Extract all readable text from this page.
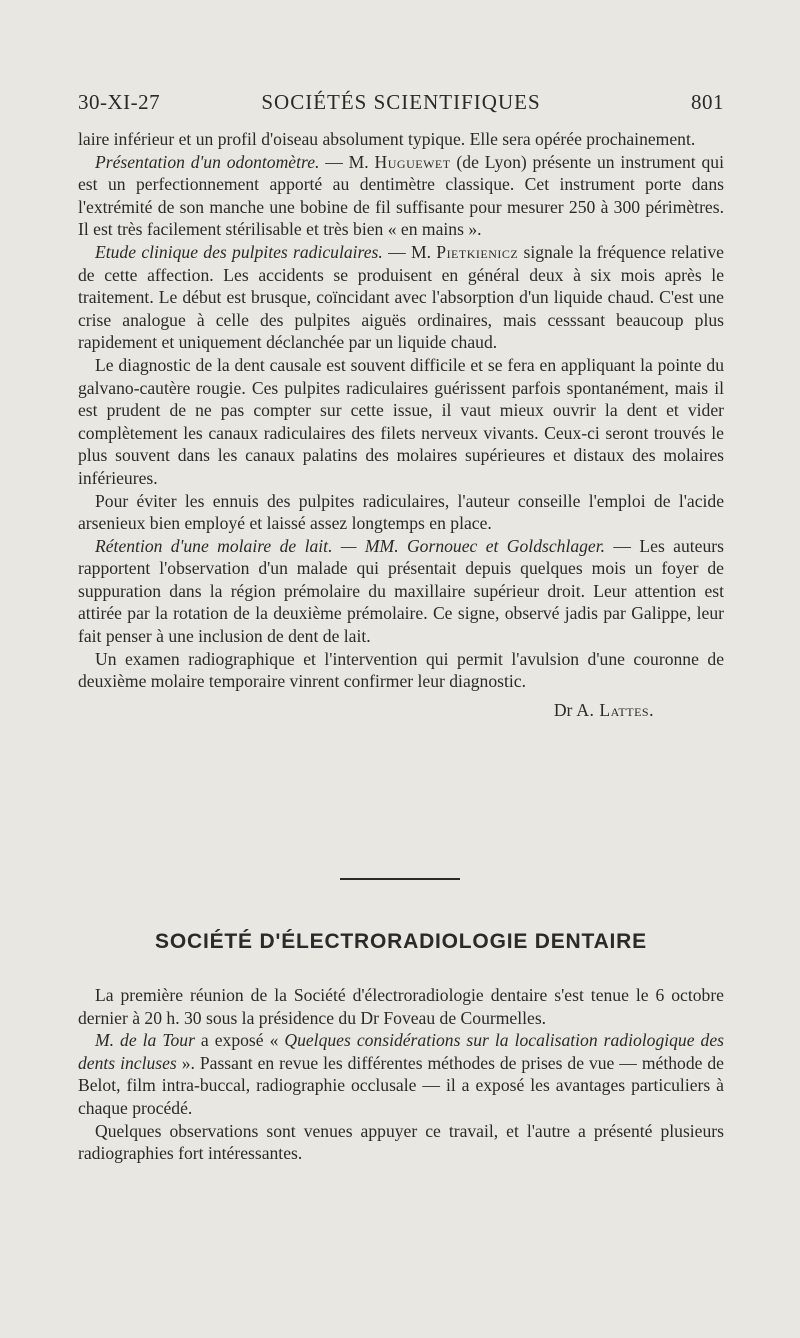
30-XI-27	SOCIÉTÉS SCIENTIFIQUES	801

laire inférieur et un profil d'oiseau absolument typique. Elle sera opérée prochainement.

Présentation d'un odontomètre. — M. Huguewet (de Lyon) présente un instrument qui est un perfectionnement apporté au dentimètre classique. Cet instrument porte dans l'extrémité de son manche une bobine de fil suffisante pour mesurer 250 à 300 périmètres. Il est très facilement stérilisable et très bien « en mains ».

Etude clinique des pulpites radiculaires. — M. Pietkienicz signale la fréquence relative de cette affection. Les accidents se produisent en général deux à six mois après le traitement. Le début est brusque, coïncidant avec l'absorption d'un liquide chaud. C'est une crise analogue à celle des pulpites aiguës ordinaires, mais cesssant beaucoup plus rapidement et uniquement déclanchée par un liquide chaud.

Le diagnostic de la dent causale est souvent difficile et se fera en appliquant la pointe du galvano-cautère rougie. Ces pulpites radiculaires guérissent parfois spontanément, mais il est prudent de ne pas compter sur cette issue, il vaut mieux ouvrir la dent et vider complètement les canaux radiculaires des filets nerveux vivants. Ceux-ci seront trouvés le plus souvent dans les canaux palatins des molaires supérieures et distaux des molaires inférieures.

Pour éviter les ennuis des pulpites radiculaires, l'auteur conseille l'emploi de l'acide arsenieux bien employé et laissé assez longtemps en place.

Rétention d'une molaire de lait. — MM. Gornouec et Goldschlager. — Les auteurs rapportent l'observation d'un malade qui présentait depuis quelques mois un foyer de suppuration dans la région prémolaire du maxillaire supérieur droit. Leur attention est attirée par la rotation de la deuxième prémolaire. Ce signe, observé jadis par Galippe, leur fait penser à une inclusion de dent de lait.

Un examen radiographique et l'intervention qui permit l'avulsion d'une couronne de deuxième molaire temporaire vinrent confirmer leur diagnostic.

Dr A. Lattes.

SOCIÉTÉ D'ÉLECTRORADIOLOGIE DENTAIRE

La première réunion de la Société d'électroradiologie dentaire s'est tenue le 6 octobre dernier à 20 h. 30 sous la présidence du Dr Foveau de Courmelles.

M. de la Tour a exposé « Quelques considérations sur la localisation radiologique des dents incluses ». Passant en revue les différentes méthodes de prises de vue — méthode de Belot, film intra-buccal, radiographie occlusale — il a exposé les avantages particuliers à chaque procédé.

Quelques observations sont venues appuyer ce travail, et l'autre a présenté plusieurs radiographies fort intéressantes.
